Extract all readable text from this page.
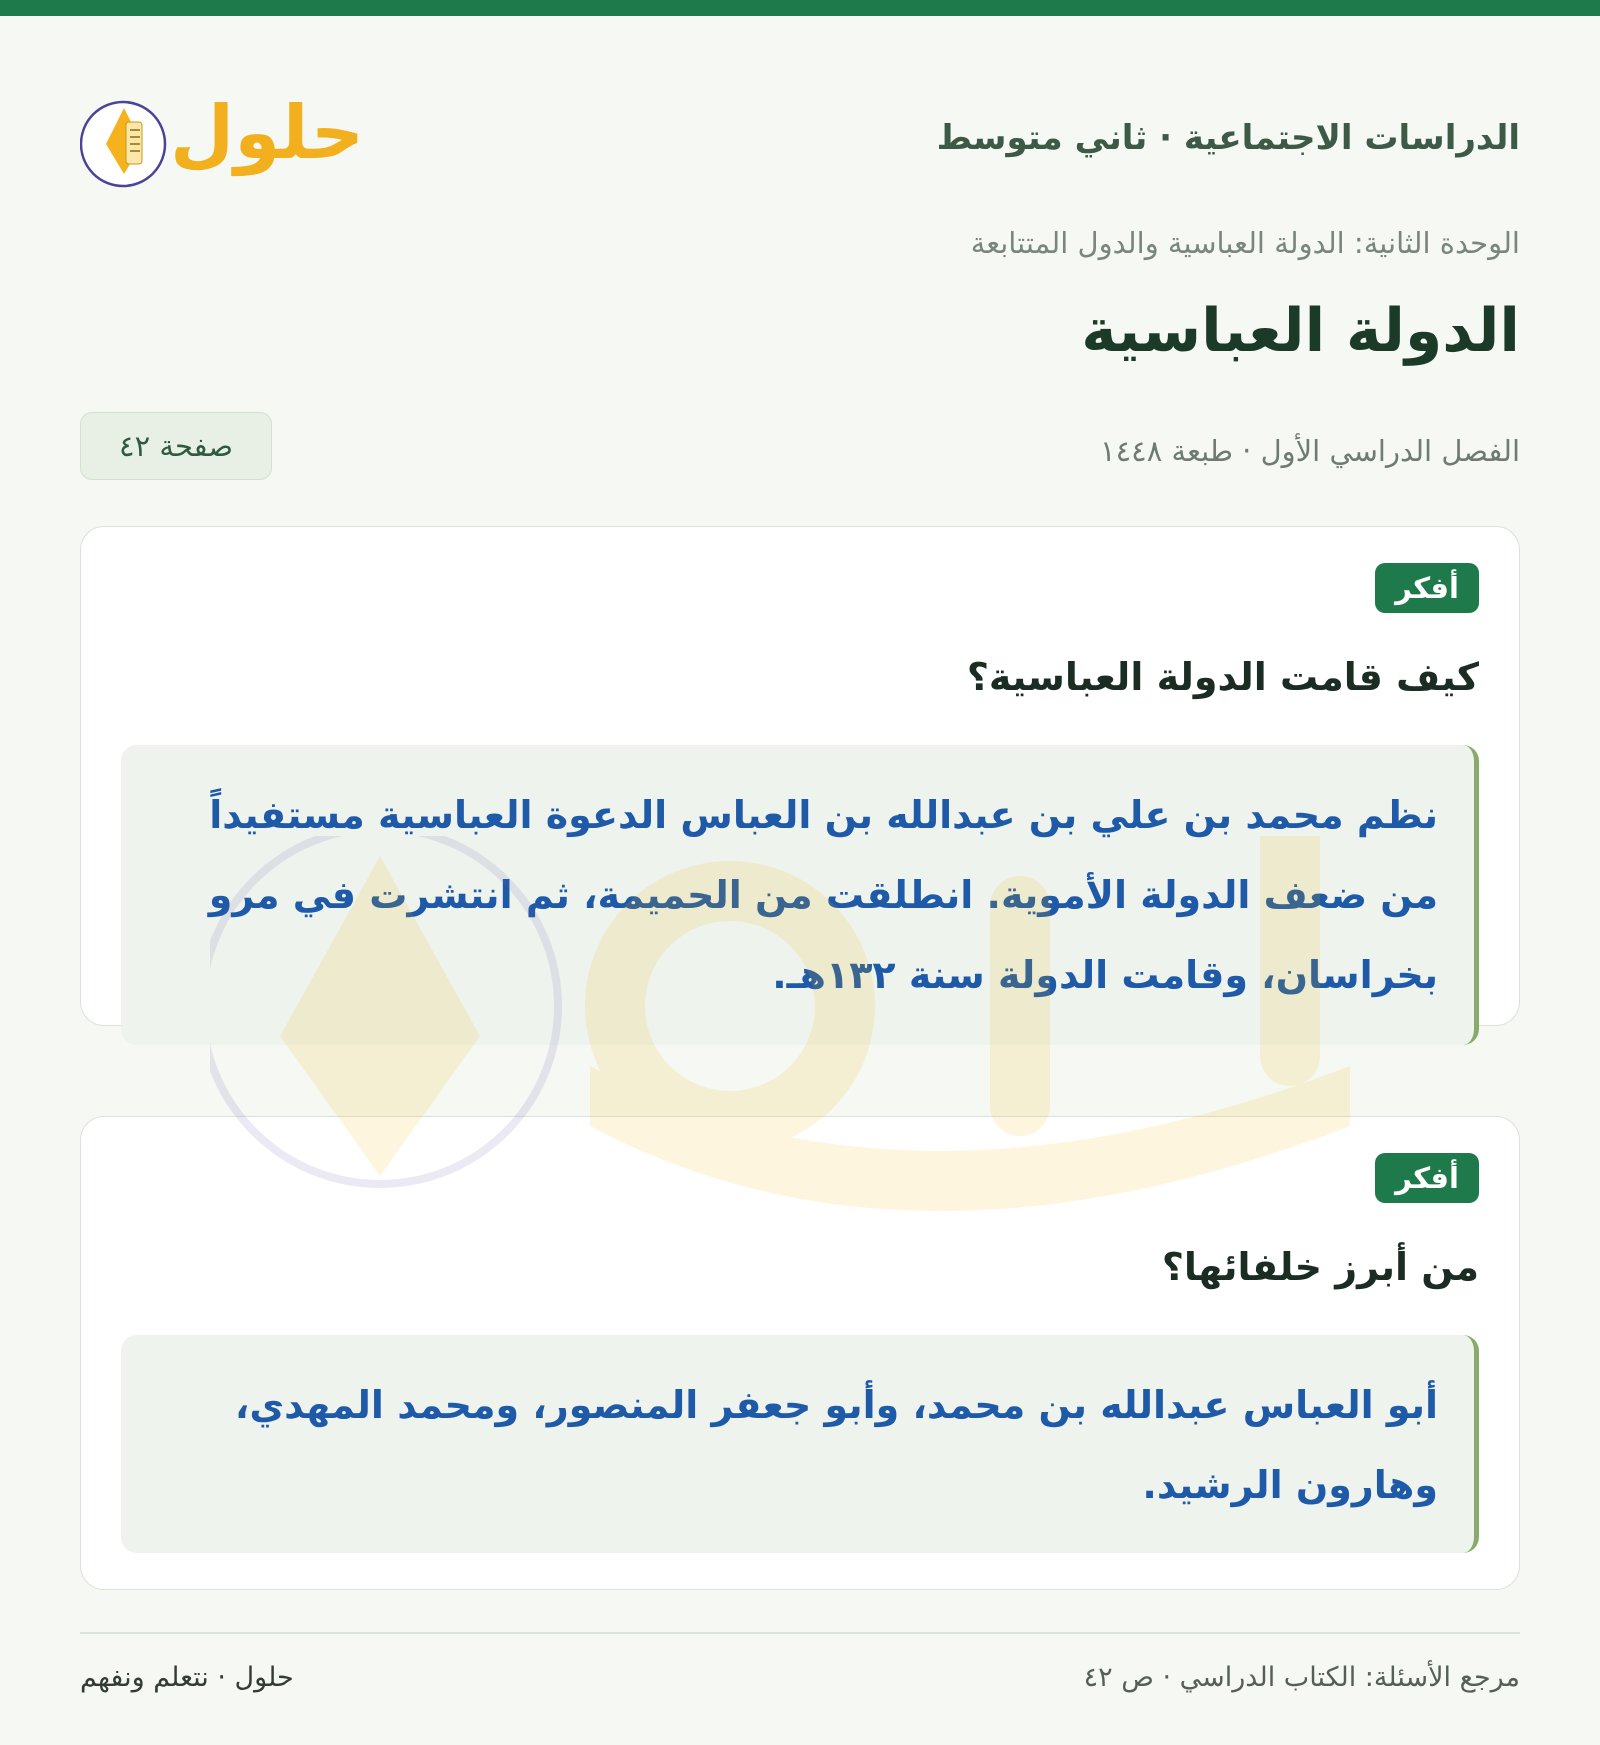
الدراسات الاجتماعية · ثاني متوسط
حلول
الوحدة الثانية: الدولة العباسية والدول المتتابعة
الدولة العباسية
الفصل الدراسي الأول · طبعة ١٤٤٨
صفحة ٤٢
أفكر
كيف قامت الدولة العباسية؟

نظم محمد بن علي بن عبدالله بن العباس الدعوة العباسية مستفيداً من ضعف الدولة الأموية. انطلقت من الحميمة، ثم انتشرت في مرو بخراسان، وقامت الدولة سنة ١٣٢هـ.

أفكر
من أبرز خلفائها؟

أبو العباس عبدالله بن محمد، وأبو جعفر المنصور، ومحمد المهدي، وهارون الرشيد.

مرجع الأسئلة: الكتاب الدراسي · ص ٤٢
حلول · نتعلم ونفهم
